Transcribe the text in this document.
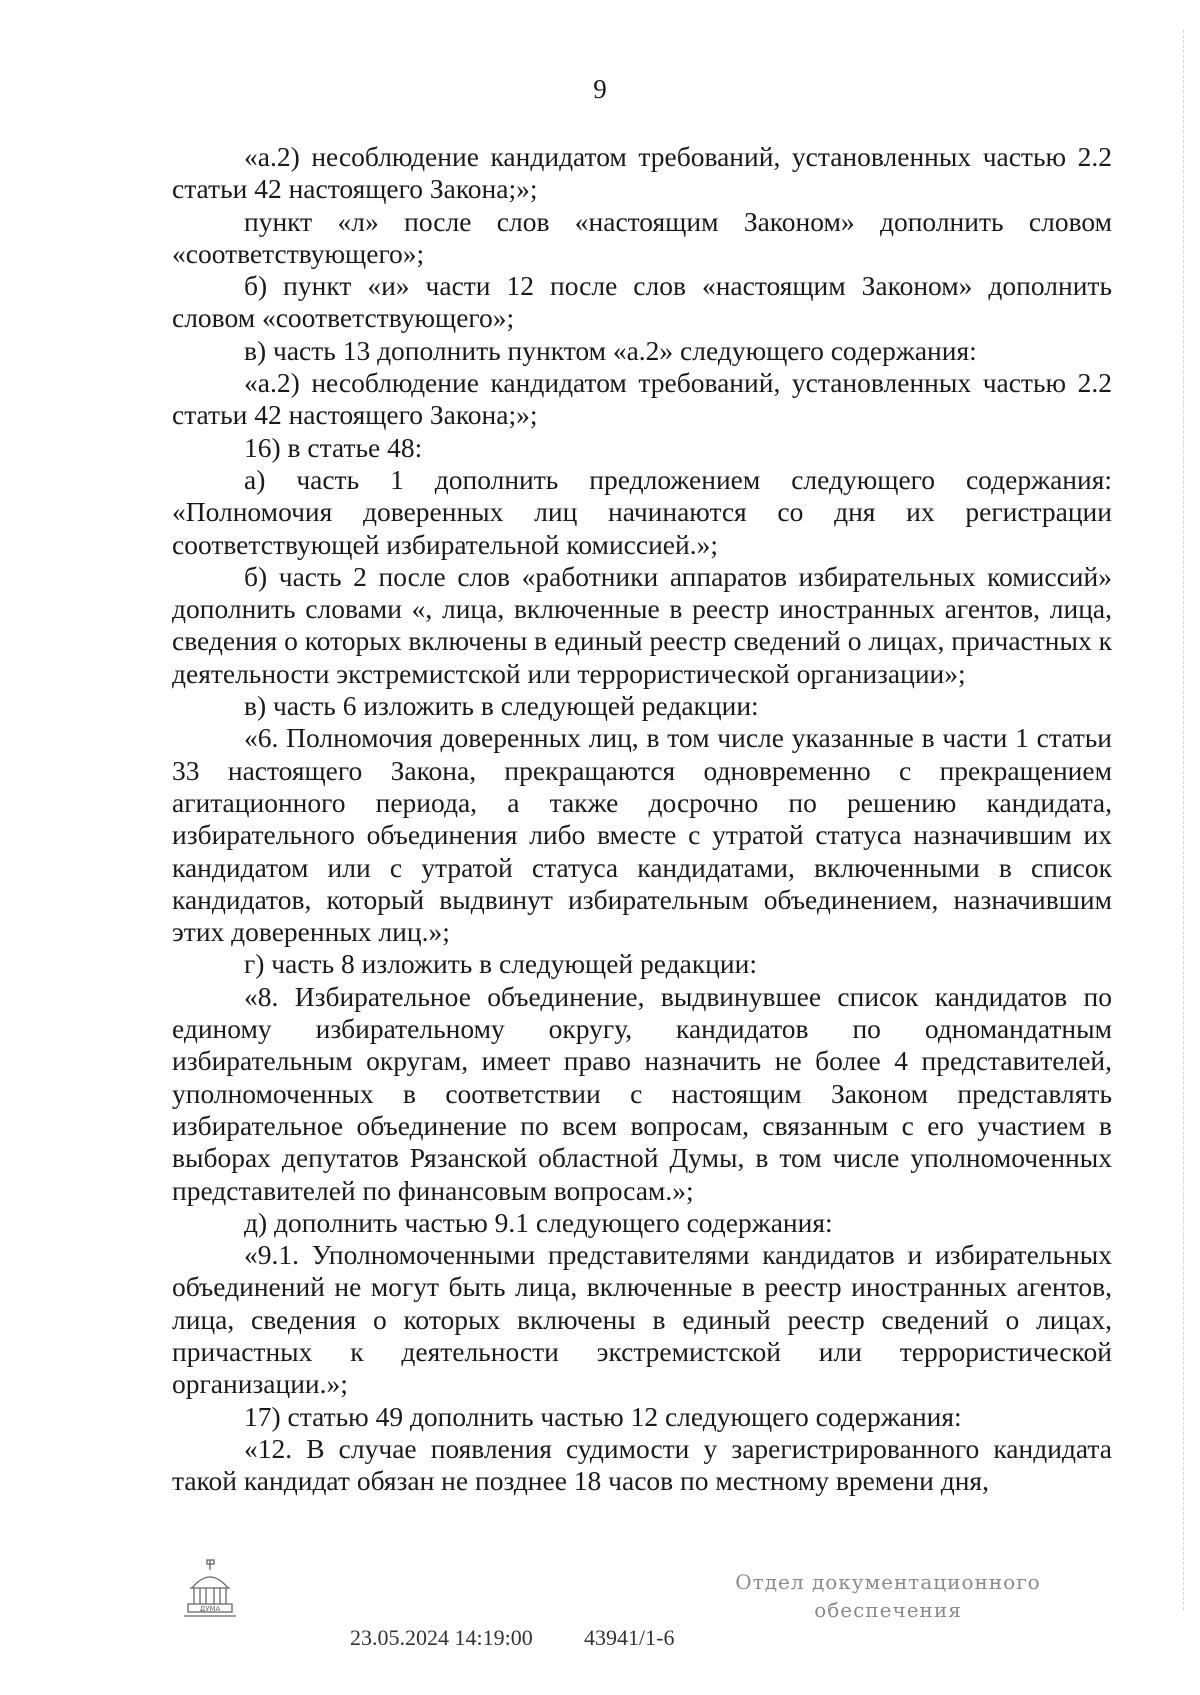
9

«а.2) несоблюдение кандидатом требований, установленных частью 2.2 статьи 42 настоящего Закона;»;

пункт «л» после слов «настоящим Законом» дополнить словом «соответствующего»;

б) пункт «и» части 12 после слов «настоящим Законом» дополнить словом «соответствующего»;

в) часть 13 дополнить пунктом «а.2» следующего содержания:

«а.2) несоблюдение кандидатом требований, установленных частью 2.2 статьи 42 настоящего Закона;»;

16) в статье 48:

а) часть 1 дополнить предложением следующего содержания: «Полномочия доверенных лиц начинаются со дня их регистрации соответствующей избирательной комиссией.»;

б) часть 2 после слов «работники аппаратов избирательных комиссий» дополнить словами «, лица, включенные в реестр иностранных агентов, лица, сведения о которых включены в единый реестр сведений о лицах, причастных к деятельности экстремистской или террористической организации»;

в) часть 6 изложить в следующей редакции:

«6. Полномочия доверенных лиц, в том числе указанные в части 1 статьи 33 настоящего Закона, прекращаются одновременно с прекращением агитационного периода, а также досрочно по решению кандидата, избирательного объединения либо вместе с утратой статуса назначившим их кандидатом или с утратой статуса кандидатами, включенными в список кандидатов, который выдвинут избирательным объединением, назначившим этих доверенных лиц.»;

г) часть 8 изложить в следующей редакции:

«8. Избирательное объединение, выдвинувшее список кандидатов по единому избирательному округу, кандидатов по одномандатным избирательным округам, имеет право назначить не более 4 представителей, уполномоченных в соответствии с настоящим Законом представлять избирательное объединение по всем вопросам, связанным с его участием в выборах депутатов Рязанской областной Думы, в том числе уполномоченных представителей по финансовым вопросам.»;

д) дополнить частью 9.1 следующего содержания:

«9.1. Уполномоченными представителями кандидатов и избирательных объединений не могут быть лица, включенные в реестр иностранных агентов, лица, сведения о которых включены в единый реестр сведений о лицах, причастных к деятельности экстремистской или террористической организации.»;

17) статью 49 дополнить частью 12 следующего содержания:

«12. В случае появления судимости у зарегистрированного кандидата такой кандидат обязан не позднее 18 часов по местному времени дня,

ДУМА
23.05.2024 14:19:00 43941/1-6
Отдел документационного
обеспечения
